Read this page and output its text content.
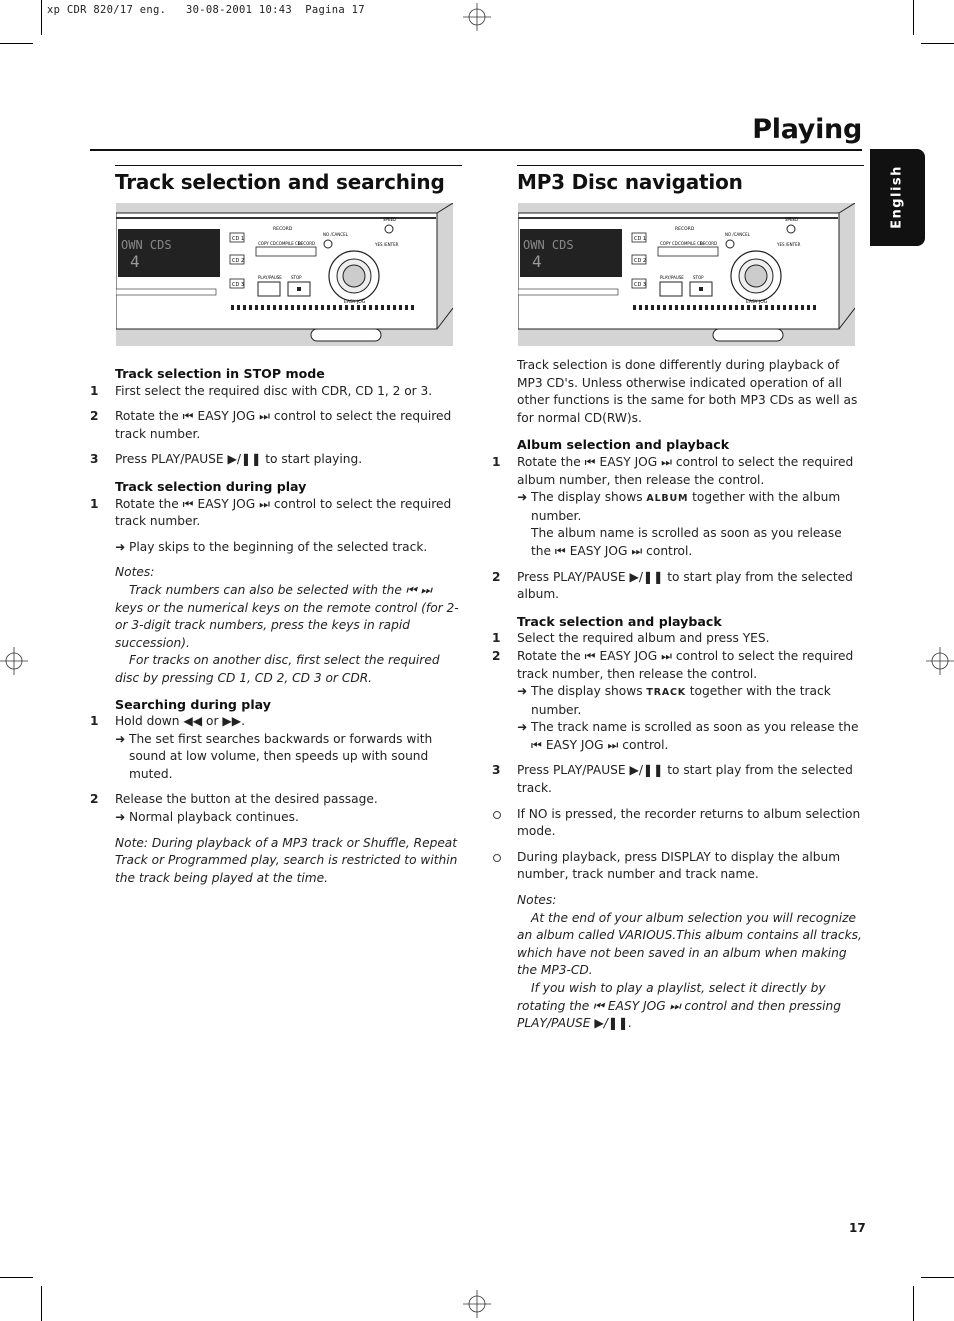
xp CDR 820/17 eng.   30-08-2001 10:43  Pagina 17
Playing
English
Track selection and searching
OWN CDS
4
CD 1
CD 2
CD 3
RECORD
COPY CD COMPILE CD
RECORD
NO /CANCEL
YES /ENTER
SPEED
PLAY/PAUSE STOP
EASY JOG
Track selection in STOP mode
1 First select the required disc with CDR, CD 1, 2 or 3.
2 Rotate the ⏮ EASY JOG ⏭ control to select the required track number.
3 Press PLAY/PAUSE ▶/❚❚ to start playing.
Track selection during play
1 Rotate the ⏮ EASY JOG ⏭ control to select the required track number.
➜ Play skips to the beginning of the selected track.
Notes:
Track numbers can also be selected with the ⏮ ⏭ keys or the numerical keys on the remote control (for 2- or 3-digit track numbers, press the keys in rapid succession).
For tracks on another disc, first select the required disc by pressing CD 1, CD 2, CD 3 or CDR.
Searching during play
1 Hold down ◀◀ or ▶▶.
➜ The set first searches backwards or forwards with sound at low volume, then speeds up with sound muted.
2 Release the button at the desired passage.
➜ Normal playback continues.
Note: During playback of a MP3 track or Shuffle, Repeat Track or Programmed play, search is restricted to within the track being played at the time.
MP3 Disc navigation
OWN CDS
4
CD 1
CD 2
CD 3
RECORD
COPY CD COMPILE CD
RECORD
NO /CANCEL
YES /ENTER
SPEED
PLAY/PAUSE STOP
EASY JOG
Track selection is done differently during playback of MP3 CD's. Unless otherwise indicated operation of all other functions is the same for both MP3 CDs as well as for normal CD(RW)s.
Album selection and playback
1 Rotate the ⏮ EASY JOG ⏭ control to select the required album number, then release the control.
➜ The display shows ALBUM together with the album number.
The album name is scrolled as soon as you release the ⏮ EASY JOG ⏭ control.
2 Press PLAY/PAUSE ▶/❚❚ to start play from the selected album.
Track selection and playback
1 Select the required album and press YES.
2 Rotate the ⏮ EASY JOG ⏭ control to select the required track number, then release the control.
➜ The display shows TRACK together with the track number.
➜ The track name is scrolled as soon as you release the ⏮ EASY JOG ⏭ control.
3 Press PLAY/PAUSE ▶/❚❚ to start play from the selected track.
If NO is pressed, the recorder returns to album selection mode.
During playback, press DISPLAY to display the album number, track number and track name.
Notes:
At the end of your album selection you will recognize an album called VARIOUS.This album contains all tracks, which have not been saved in an album when making the MP3-CD.
If you wish to play a playlist, select it directly by rotating the ⏮ EASY JOG ⏭ control and then pressing PLAY/PAUSE ▶/❚❚.
17
